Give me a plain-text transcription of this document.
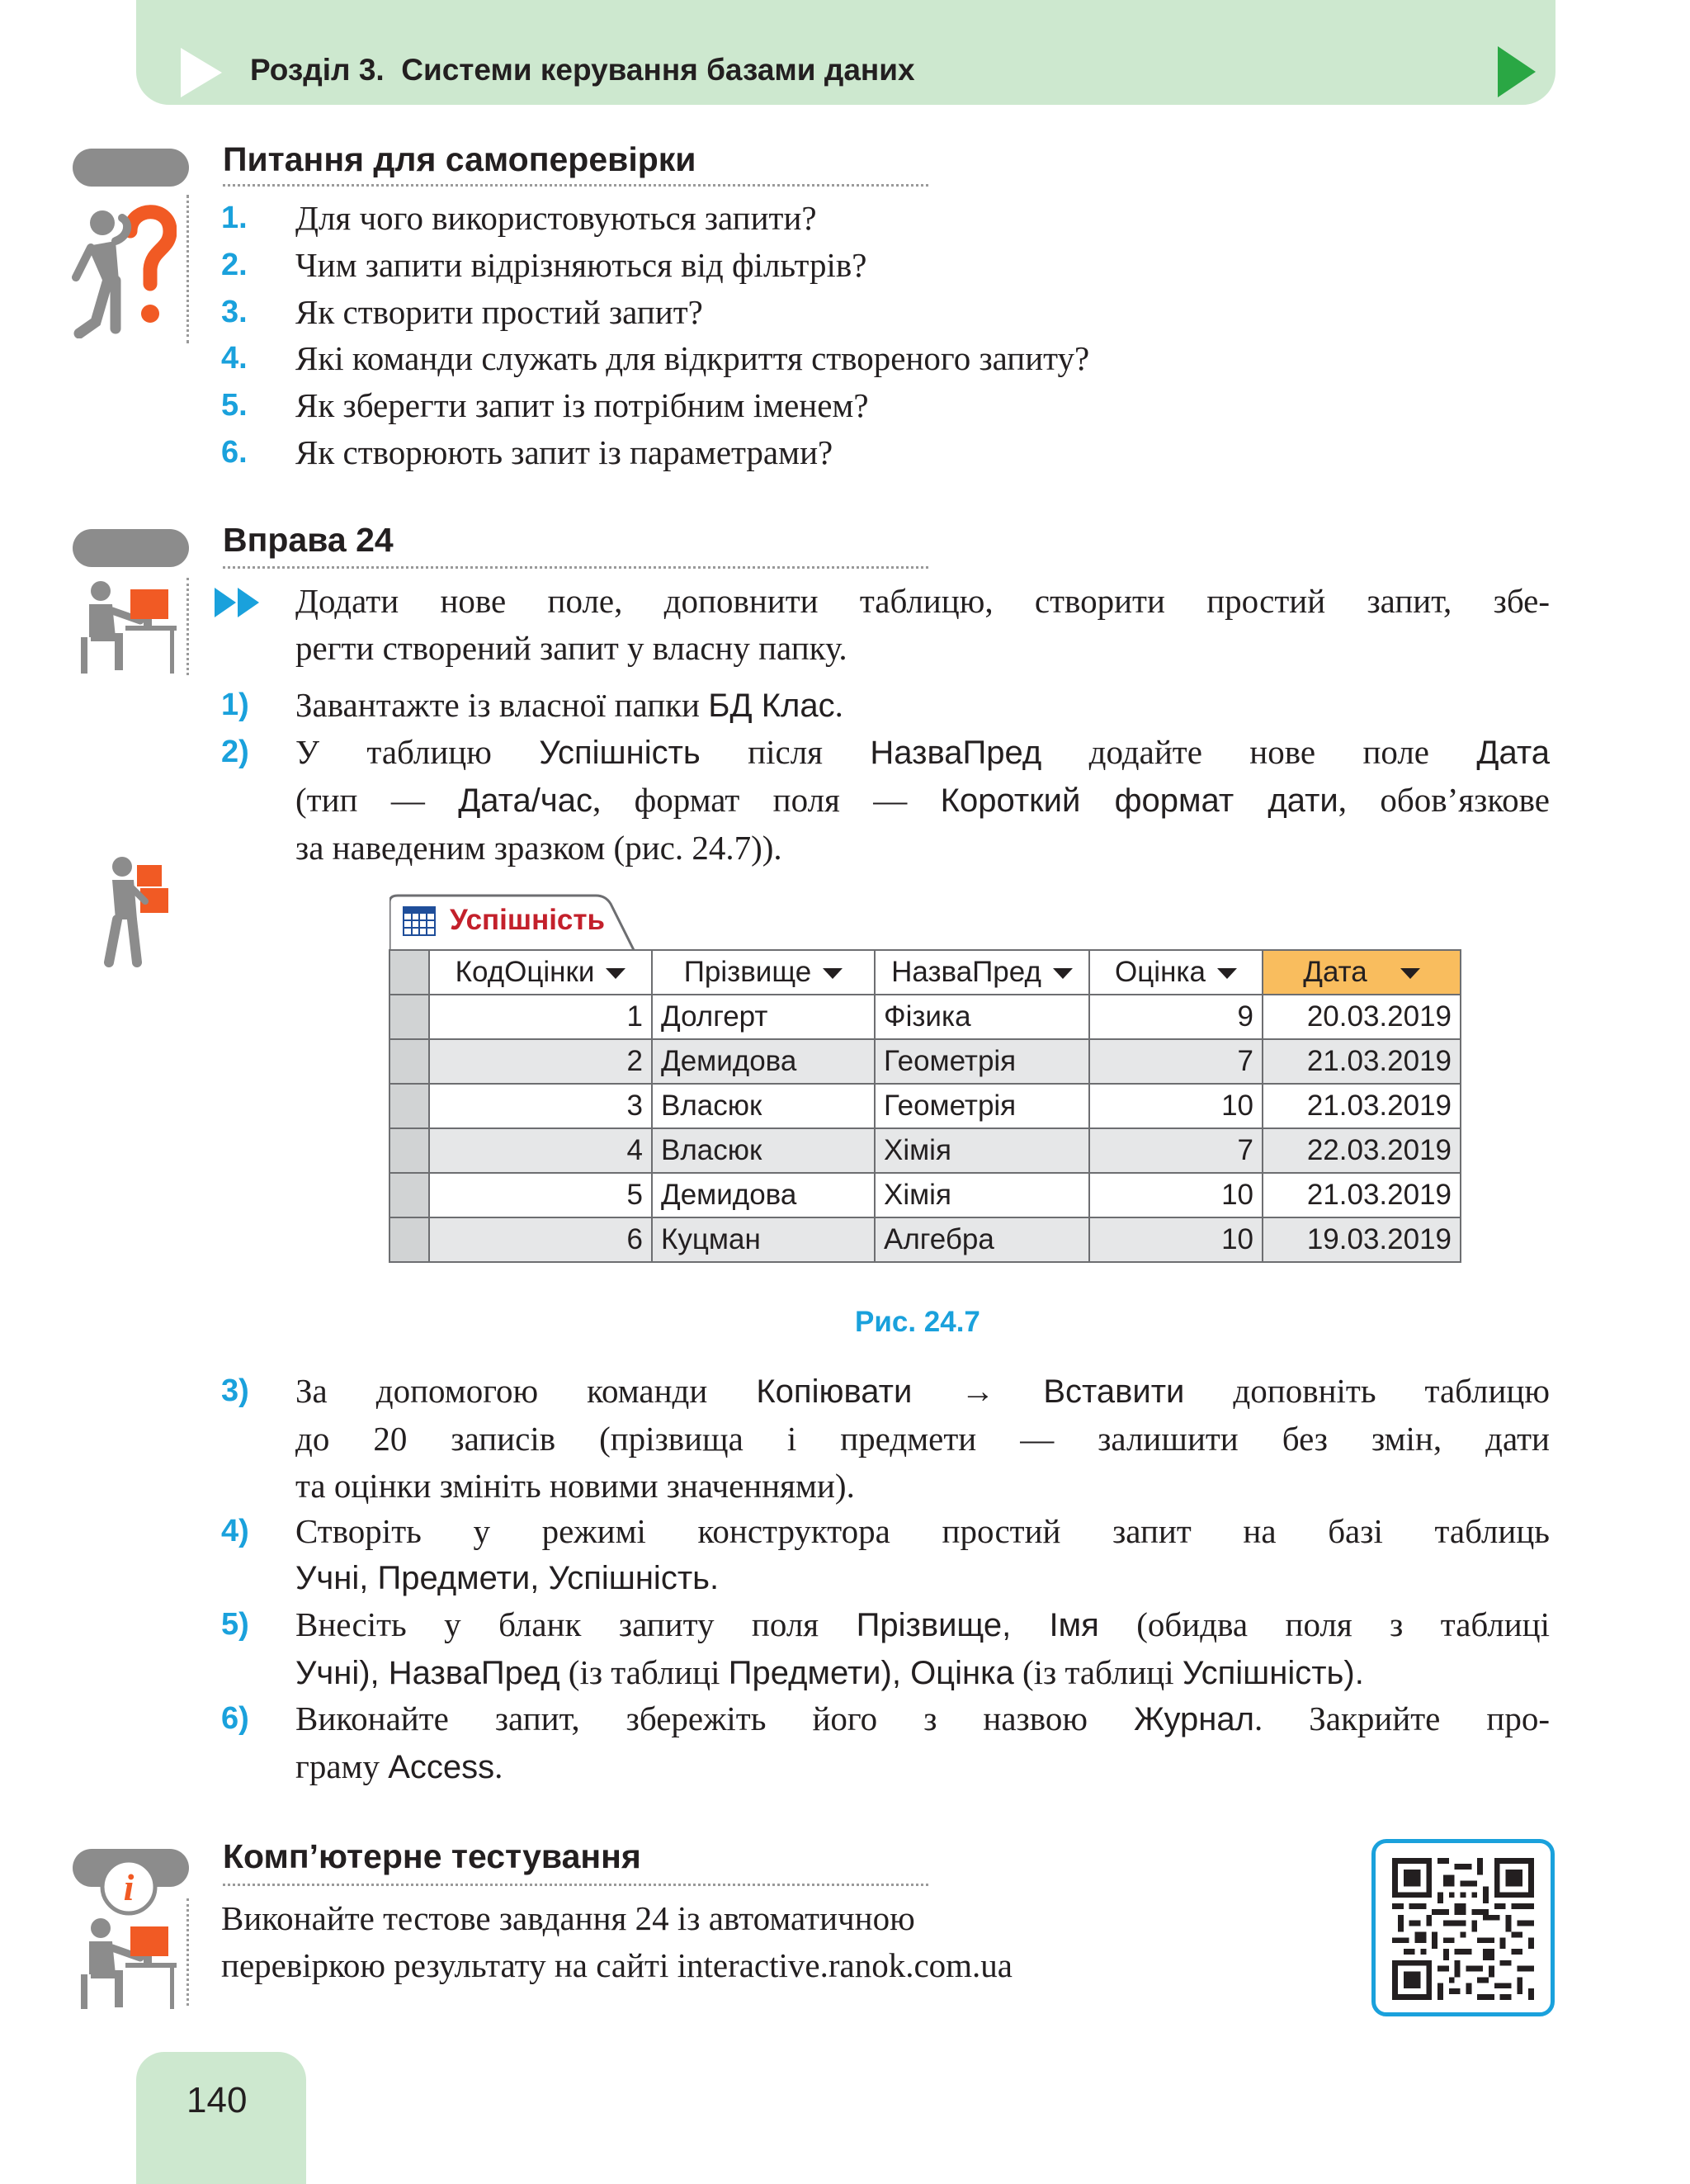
Розділ 3. Системи керування базами даних
Питання для самоперевірки
1. Для чого використовуються запити?
2. Чим запити відрізняються від фільтрів?
3. Як створити простий запит?
4. Які команди служать для відкриття створеного запиту?
5. Як зберегти запит із потрібним іменем?
6. Як створюють запит із параметрами?
Вправа 24
Додати нове поле, доповнити таблицю, створити простий запит, збе-
регти створений запит у власну папку.
1) Завантажте із власної папки БД Клас.
2) У таблицю Успішність після НазваПред додайте нове поле Дата
(тип — Дата/час, формат поля — Короткий формат дати, обов’язкове
за наведеним зразком (рис. 24.7)).
Успішність
	КодОцінки	Прізвище	НазваПред	Оцінка	Дата
	1	Долгерт	Фізика	9	20.03.2019
	2	Демидова	Геометрія	7	21.03.2019
	3	Власюк	Геометрія	10	21.03.2019
	4	Власюк	Хімія	7	22.03.2019
	5	Демидова	Хімія	10	21.03.2019
	6	Куцман	Алгебра	10	19.03.2019
Рис. 24.7
3) За допомогою команди Копіювати → Вставити доповніть таблицю
до 20 записів (прізвища і предмети — залишити без змін, дати
та оцінки змініть новими значеннями).
4) Створіть у режимі конструктора простий запит на базі таблиць
Учні, Предмети, Успішність.
5) Внесіть у бланк запиту поля Прізвище, Імя (обидва поля з таблиці
Учні), НазваПред (із таблиці Предмети), Оцінка (із таблиці Успішність).
6) Виконайте запит, збережіть його з назвою Журнал. Закрийте про-
граму Access.
Комп’ютерне тестування
i
Виконайте тестове завдання 24 із автоматичною
перевіркою результату на сайті interactive.ranok.com.ua
140
